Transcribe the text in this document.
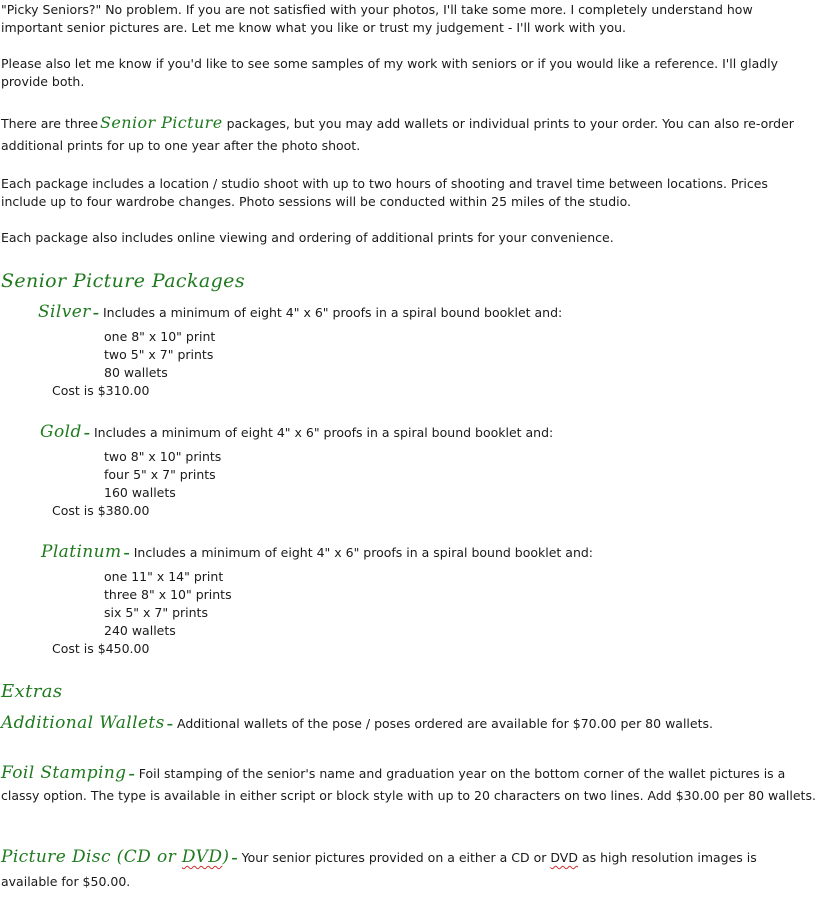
"Picky Seniors?" No problem. If you are not satisfied with your photos, I'll take some more. I completely understand how important senior pictures are. Let me know what you like or trust my judgement - I'll work with you.

Please also let me know if you'd like to see some samples of my work with seniors or if you would like a reference. I'll gladly provide both.

There are three Senior Picture packages, but you may add wallets or individual prints to your order. You can also re-order additional prints for up to one year after the photo shoot.

Each package includes a location / studio shoot with up to two hours of shooting and travel time between locations. Prices include up to four wardrobe changes. Photo sessions will be conducted within 25 miles of the studio.

Each package also includes online viewing and ordering of additional prints for your convenience.

Senior Picture Packages
Silver – Includes a minimum of eight 4" x 6" proofs in a spiral bound booklet and:
one 8" x 10" print
two 5" x 7" prints
80 wallets
Cost is $310.00
Gold – Includes a minimum of eight 4" x 6" proofs in a spiral bound booklet and:
two 8" x 10" prints
four 5" x 7" prints
160 wallets
Cost is $380.00
Platinum – Includes a minimum of eight 4" x 6" proofs in a spiral bound booklet and:
one 11" x 14" print
three 8" x 10" prints
six 5" x 7" prints
240 wallets
Cost is $450.00
Extras
Additional Wallets – Additional wallets of the pose / poses ordered are available for $70.00 per 80 wallets.
Foil Stamping – Foil stamping of the senior's name and graduation year on the bottom corner of the wallet pictures is a classy option. The type is available in either script or block style with up to 20 characters on two lines. Add $30.00 per 80 wallets.
Picture Disc (CD or DVD) – Your senior pictures provided on a either a CD or DVD as high resolution images is available for $50.00.
